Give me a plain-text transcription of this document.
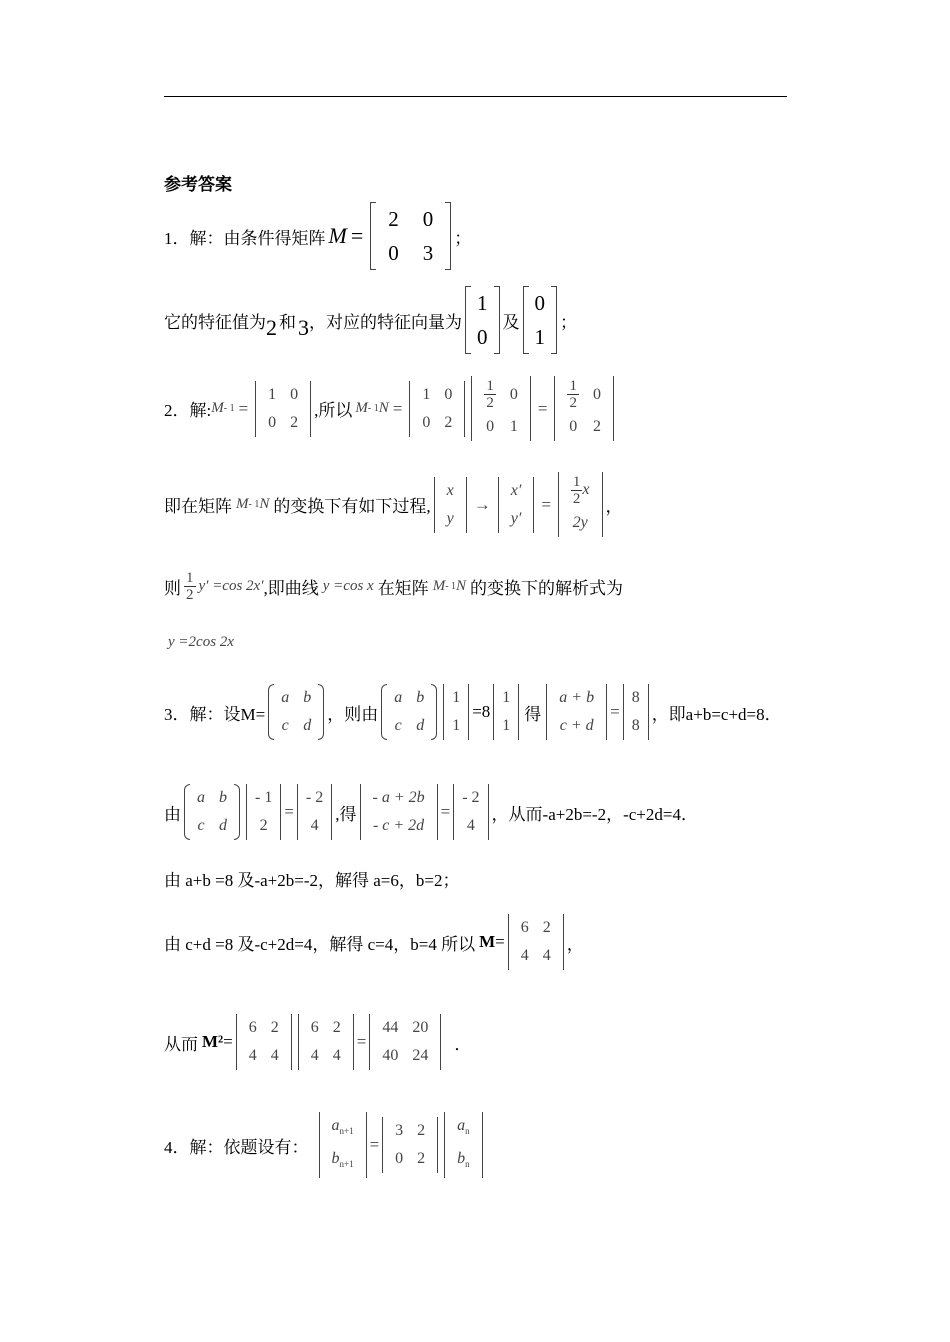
参考答案
1．解：由条件得矩阵 M =
2	0
0	3
；
它的特征值为 2 和 3 ，对应的特征向量为
1
0
及
0
1
；
2．解: M - 1 =
1	0
0	2
,所以 M - 1 N =
1	0
0	2
$\frac{1}{2}$	0
0	1
= $\frac{1}{2}$	0
0	2
即在矩阵 M - 1 N 的变换下有如下过程,
x
y
→
x′
y′
= $\frac{1}{2}$ x
2y
，
则 $\frac{1}{2} y' =\cos$ 2x′ ,即曲线 y =cos x 在矩阵 M - 1 N 的变换下的解析式为
y =2cos 2x
3．解：设M=
a	b
c	d
，则由
a	b
c	d
1
1
=8
1
1
得
a + b
c + d
=
8
8
，即a+b=c+d=8．
由
a	b
c	d
- 1
2
=
- 2
4
,得
- a + 2b
- c + 2d
=
- 2
4
，从而-a+2b=-2，-c+2d=4．
由 a+b =8 及-a+2b=-2，解得 a=6，b=2；
由 c+d =8 及-c+2d=4，解得 c=4，b=4 所以 M =
6	2
4	4
，
从而 M² =
6	2
4	4
6	2
4	4
=
44	20
40	24
．
4．解：依题设有：
$a_{n+1}$
$b_{n+1}$
=
3	2
0	2
$a_n$
$b_n$
